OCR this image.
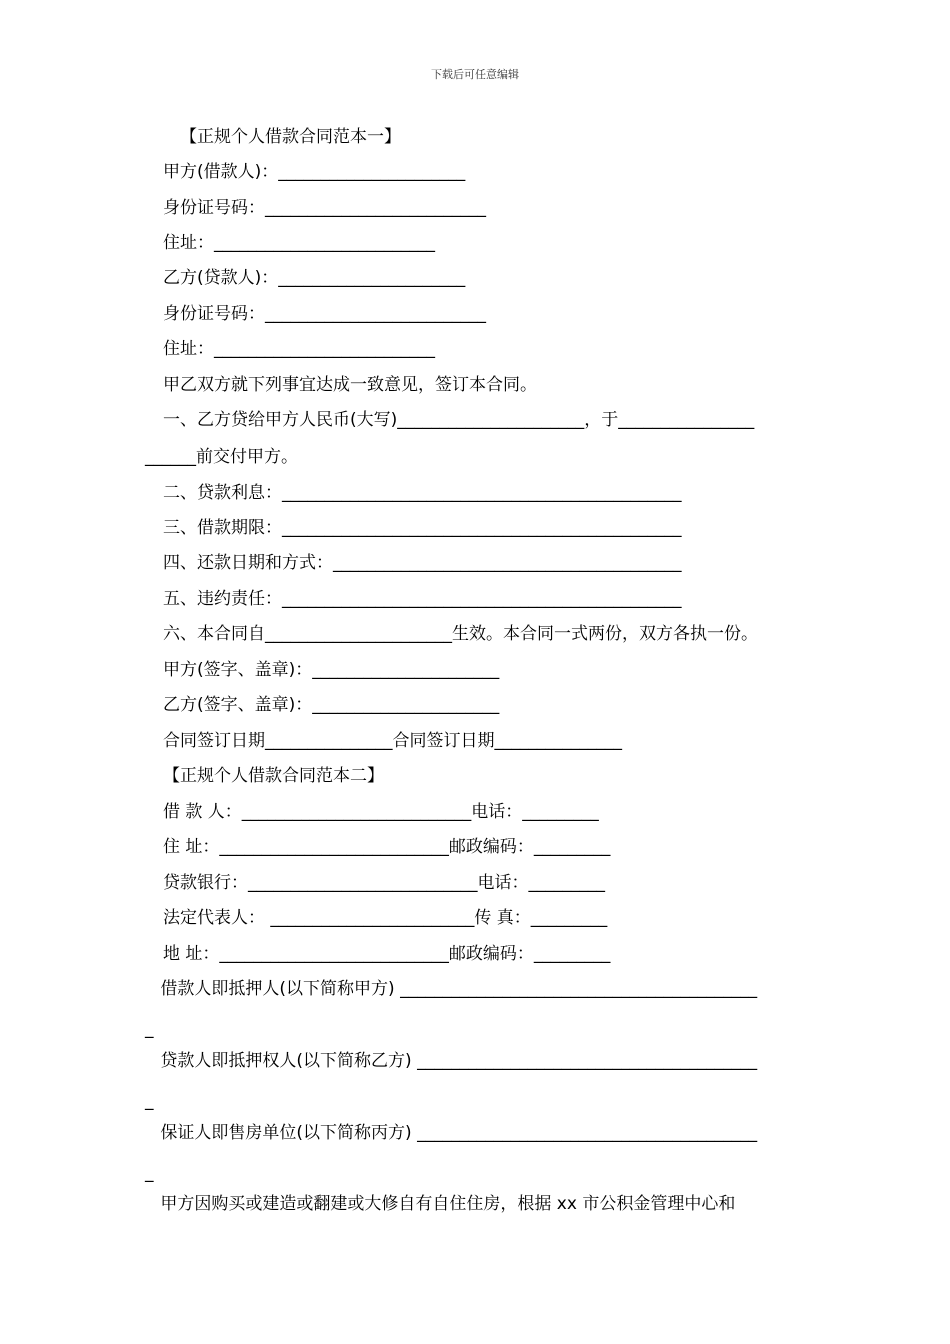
下载后可任意编辑
【正规个人借款合同范本一】
甲方(借款人)：______________________
身份证号码：__________________________
住址：__________________________
乙方(贷款人)：______________________
身份证号码：__________________________
住址：__________________________
甲乙双方就下列事宜达成一致意见，签订本合同。
一、乙方贷给甲方人民币(大写)______________________，于________________
______前交付甲方。
二、贷款利息：_______________________________________________
三、借款期限：_______________________________________________
四、还款日期和方式：_________________________________________
五、违约责任：_______________________________________________
六、本合同自______________________生效。本合同一式两份，双方各执一份。
甲方(签字、盖章)：______________________
乙方(签字、盖章)：______________________
合同签订日期_______________合同签订日期_______________
【正规个人借款合同范本二】
借 款 人：___________________________电话：_________
住 址：___________________________邮政编码：_________
贷款银行：___________________________电话：_________
法定代表人： ________________________传 真：_________
地 址：___________________________邮政编码：_________
借款人即抵押人(以下简称甲方) __________________________________________
_
贷款人即抵押权人(以下简称乙方) ________________________________________
_
保证人即售房单位(以下简称丙方) ________________________________________
_
甲方因购买或建造或翻建或大修自有自住住房，根据 xx 市公积金管理中心和
